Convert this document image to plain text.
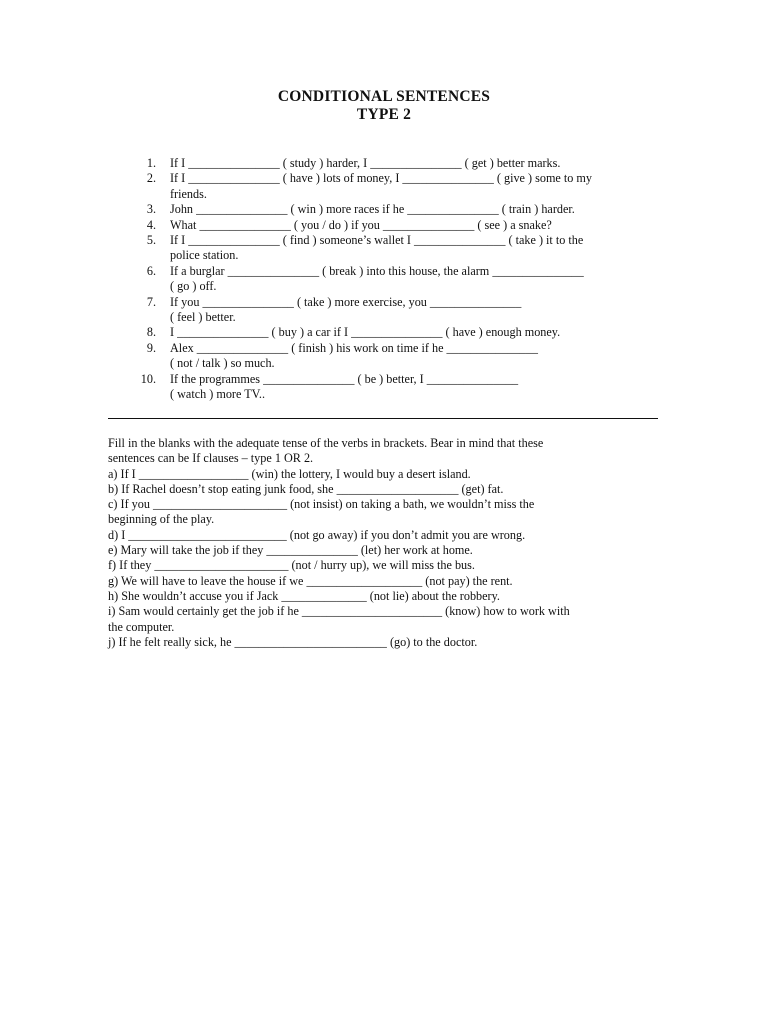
CONDITIONAL SENTENCES
TYPE 2
1. If I _______________ ( study ) harder, I _______________ ( get ) better marks.
2. If I _______________ ( have ) lots of money, I _______________ ( give ) some to my
friends.
3. John _______________ ( win ) more races if he _______________ ( train ) harder.
4. What _______________ ( you / do ) if you _______________ ( see ) a snake?
5. If I _______________ ( find ) someone’s wallet I _______________ ( take ) it to the
police station.
6. If a burglar _______________ ( break ) into this house, the alarm _______________
( go ) off.
7. If you _______________ ( take ) more exercise, you _______________
( feel ) better.
8. I _______________ ( buy ) a car if I _______________ ( have ) enough money.
9. Alex _______________ ( finish ) his work on time if he _______________
( not / talk ) so much.
10. If the programmes _______________ ( be ) better, I _______________
( watch ) more TV..
Fill in the blanks with the adequate tense of the verbs in brackets. Bear in mind that these
sentences can be If clauses – type 1 OR 2.
a) If I __________________ (win) the lottery, I would buy a desert island.
b) If Rachel doesn’t stop eating junk food, she ____________________ (get) fat.
c) If you ______________________ (not insist) on taking a bath, we wouldn’t miss the
beginning of the play.
d) I __________________________ (not go away) if you don’t admit you are wrong.
e) Mary will take the job if they _______________ (let) her work at home.
f) If they ______________________ (not / hurry up), we will miss the bus.
g) We will have to leave the house if we ___________________ (not pay) the rent.
h) She wouldn’t accuse you if Jack ______________ (not lie) about the robbery.
i) Sam would certainly get the job if he _______________________ (know) how to work with
the computer.
j) If he felt really sick, he _________________________ (go) to the doctor.
